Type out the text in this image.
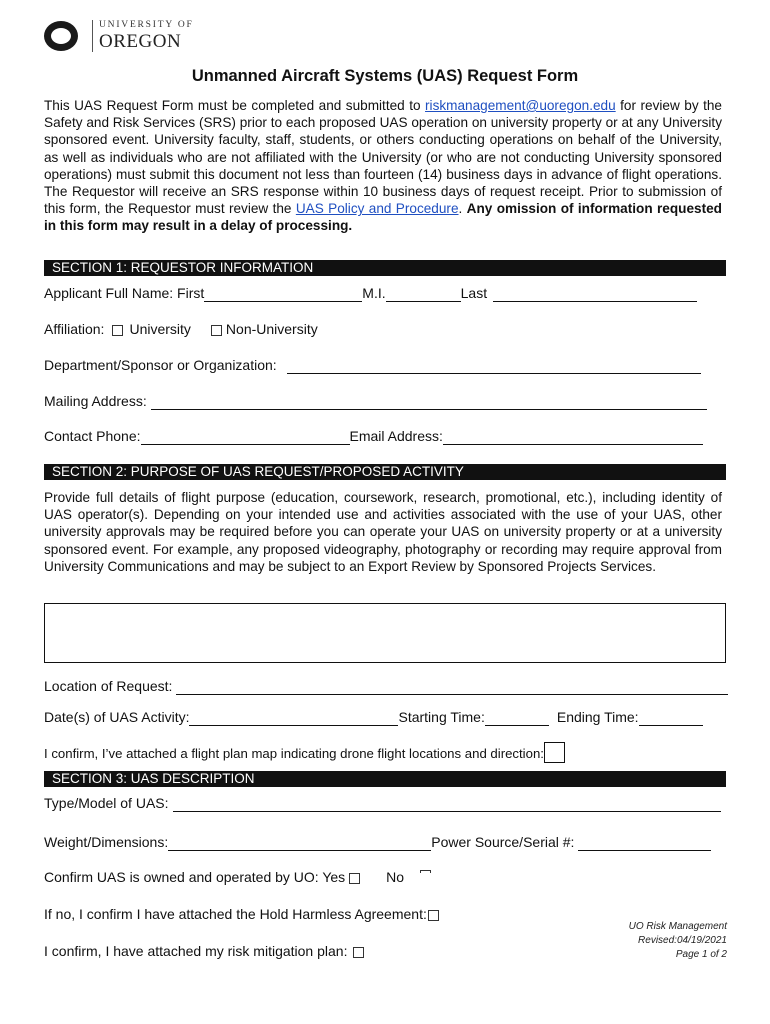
UNIVERSITY OF
OREGON
Unmanned Aircraft Systems (UAS) Request Form
This UAS Request Form must be completed and submitted to riskmanagement@uoregon.edu for review by the Safety and Risk Services (SRS) prior to each proposed UAS operation on university property or at any University sponsored event. University faculty, staff, students, or others conducting operations on behalf of the University, as well as individuals who are not affiliated with the University (or who are not conducting University sponsored operations) must submit this document not less than fourteen (14) business days in advance of flight operations. The Requestor will receive an SRS response within 10 business days of request receipt. Prior to submission of this form, the Requestor must review the UAS Policy and Procedure. Any omission of information requested in this form may result in a delay of processing.
SECTION 1: REQUESTOR INFORMATION
Applicant Full Name: First	M.I.	Last
Affiliation: University	Non-University
Department/Sponsor or Organization:
Mailing Address:
Contact Phone:	Email Address:
SECTION 2: PURPOSE OF UAS REQUEST/PROPOSED ACTIVITY
Provide full details of flight purpose (education, coursework, research, promotional, etc.), including identity of UAS operator(s). Depending on your intended use and activities associated with the use of your UAS, other university approvals may be required before you can operate your UAS on university property or at a university sponsored event. For example, any proposed videography, photography or recording may require approval from University Communications and may be subject to an Export Review by Sponsored Projects Services.
Location of Request:
Date(s) of UAS Activity:	Starting Time:	Ending Time:
I confirm, I’ve attached a flight plan map indicating drone flight locations and direction:
SECTION 3: UAS DESCRIPTION
Type/Model of UAS:
Weight/Dimensions:	Power Source/Serial #:
Confirm UAS is owned and operated by UO: Yes	No
If no, I confirm I have attached the Hold Harmless Agreement:
I confirm, I have attached my risk mitigation plan:
UO Risk Management
Revised:04/19/2021
Page 1 of 2
